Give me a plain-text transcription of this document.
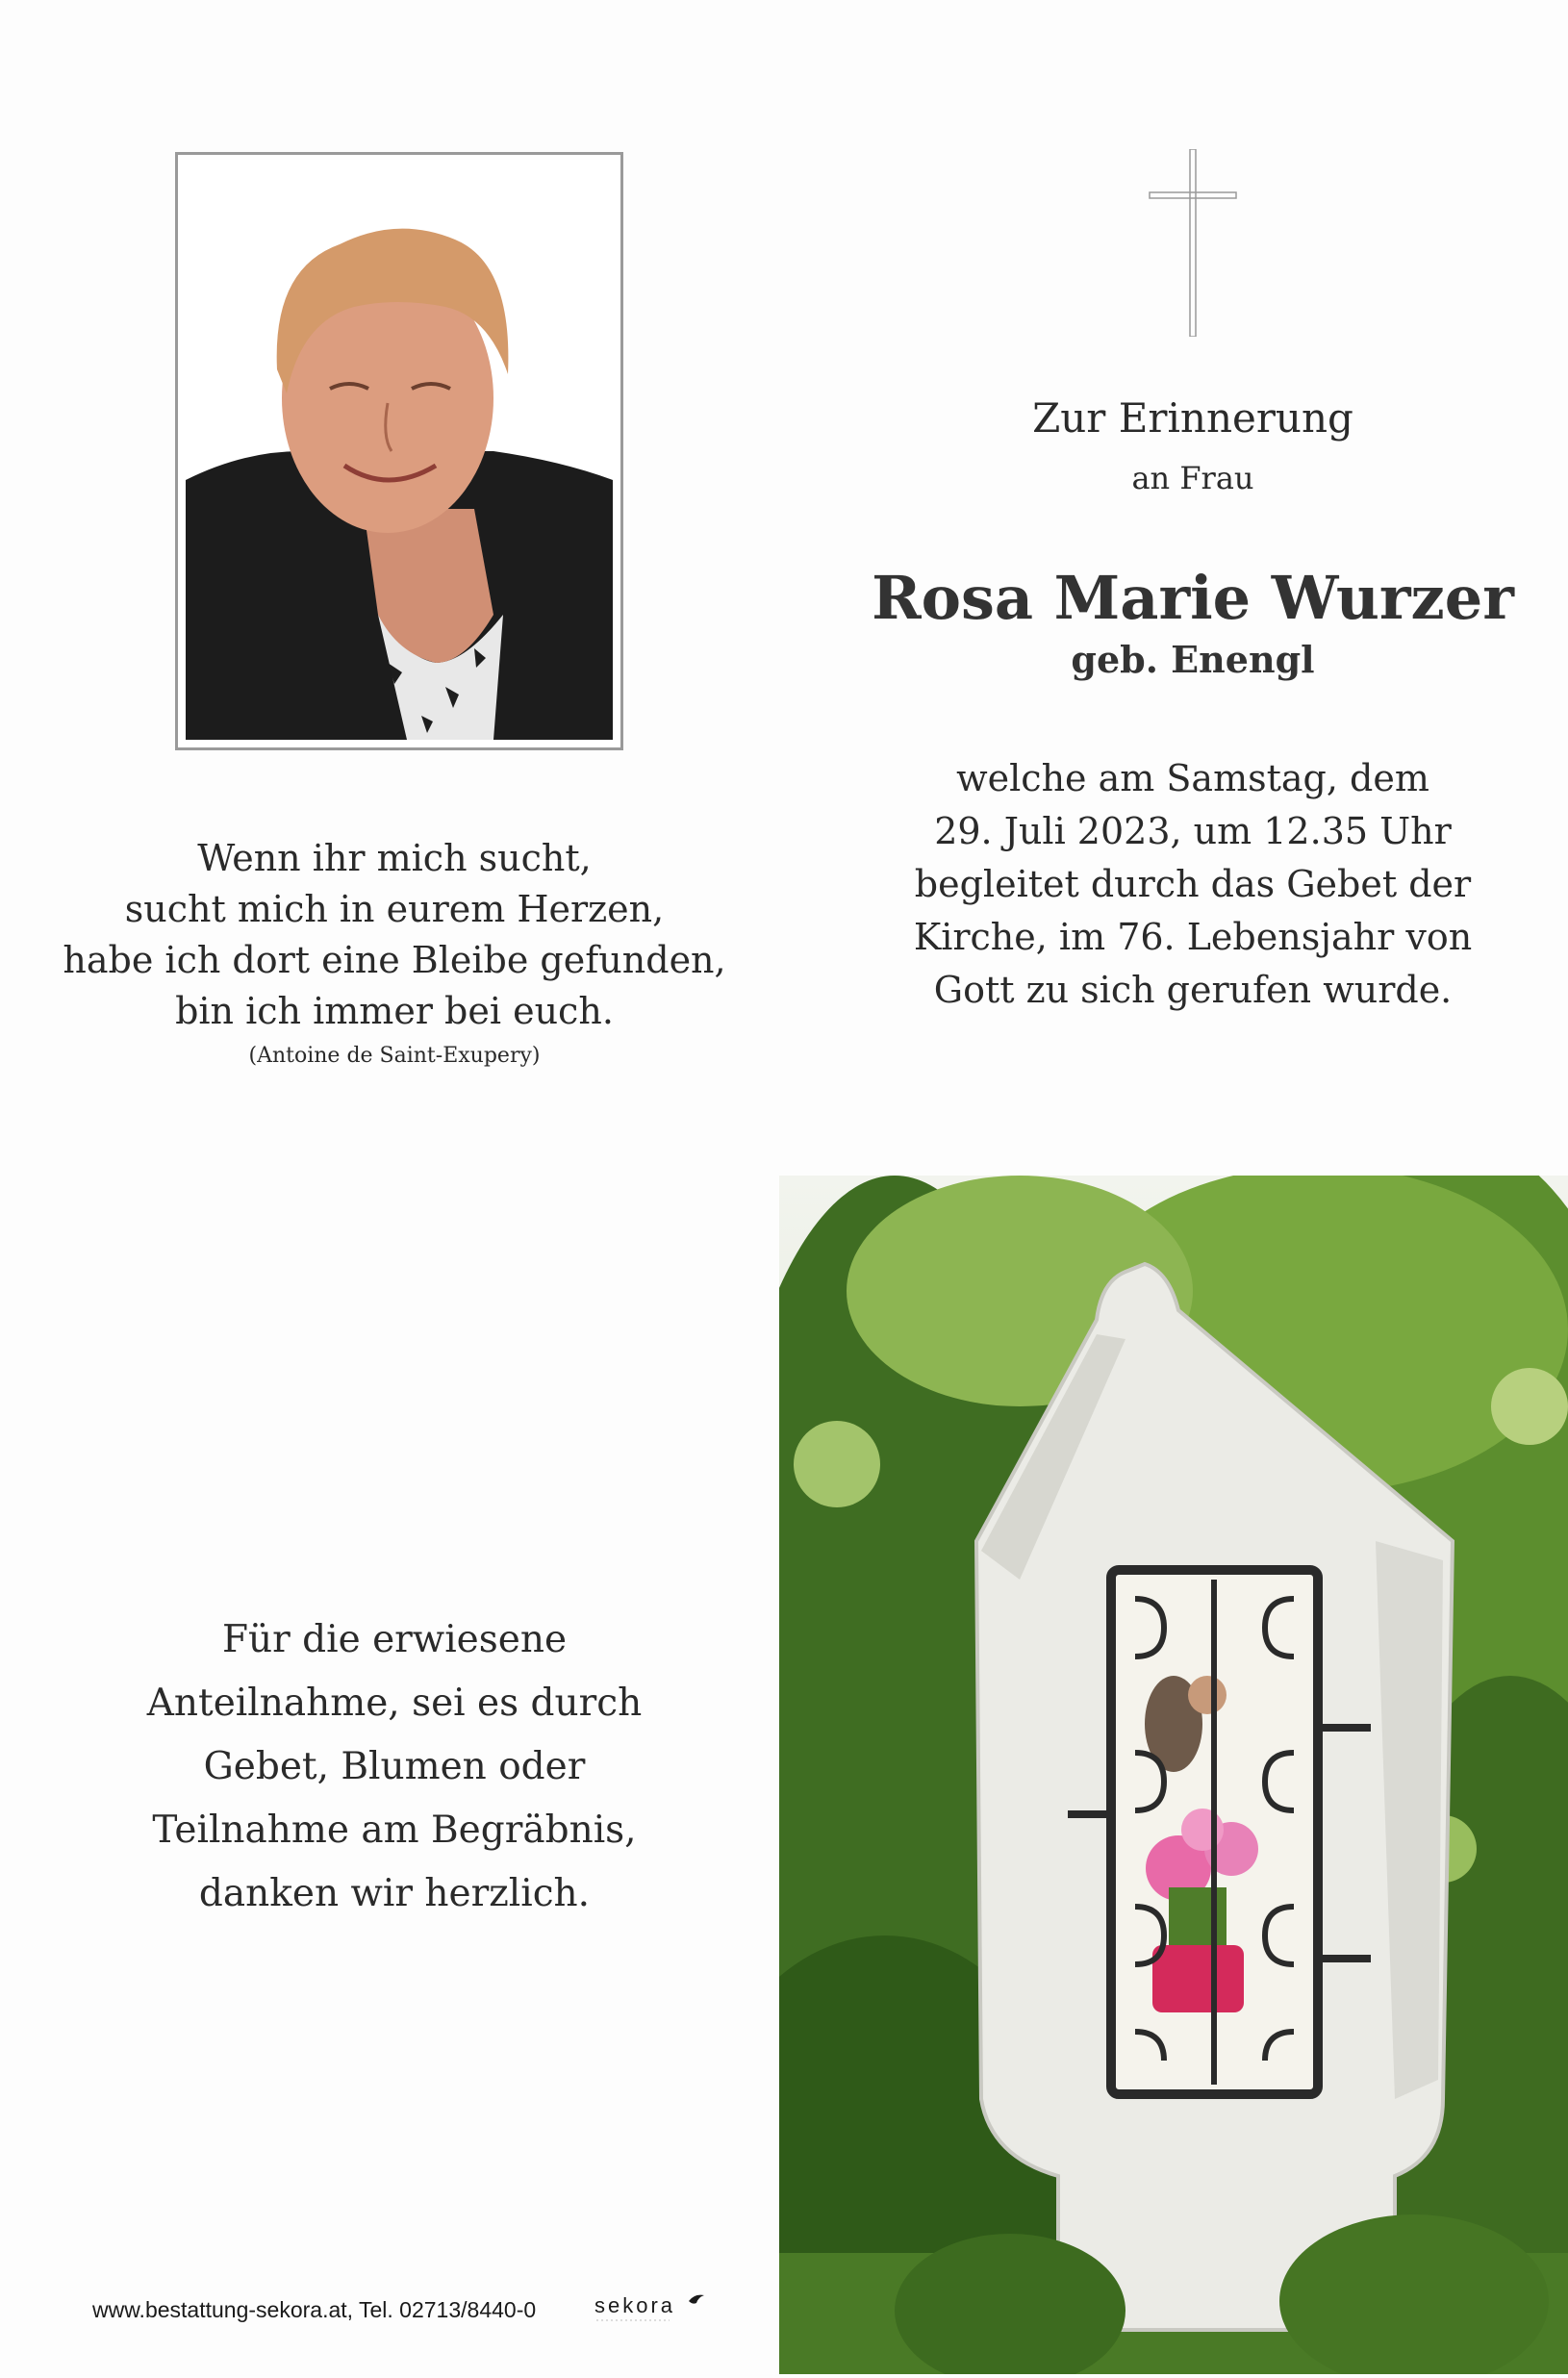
Wenn ihr mich sucht,
sucht mich in eurem Herzen,
habe ich dort eine Bleibe gefunden,
bin ich immer bei euch.
(Antoine de Saint-Exupery)
Zur Erinnerung
an Frau
Rosa Marie Wurzer
geb. Enengl
welche am Samstag, dem
29. Juli 2023, um 12.35 Uhr
begleitet durch das Gebet der
Kirche, im 76. Lebensjahr von
Gott zu sich gerufen wurde.
Für die erwiesene
Anteilnahme, sei es durch
Gebet, Blumen oder
Teilnahme am Begräbnis,
danken wir herzlich.
www.bestattung-sekora.at, Tel. 02713/8440-0	sekora
